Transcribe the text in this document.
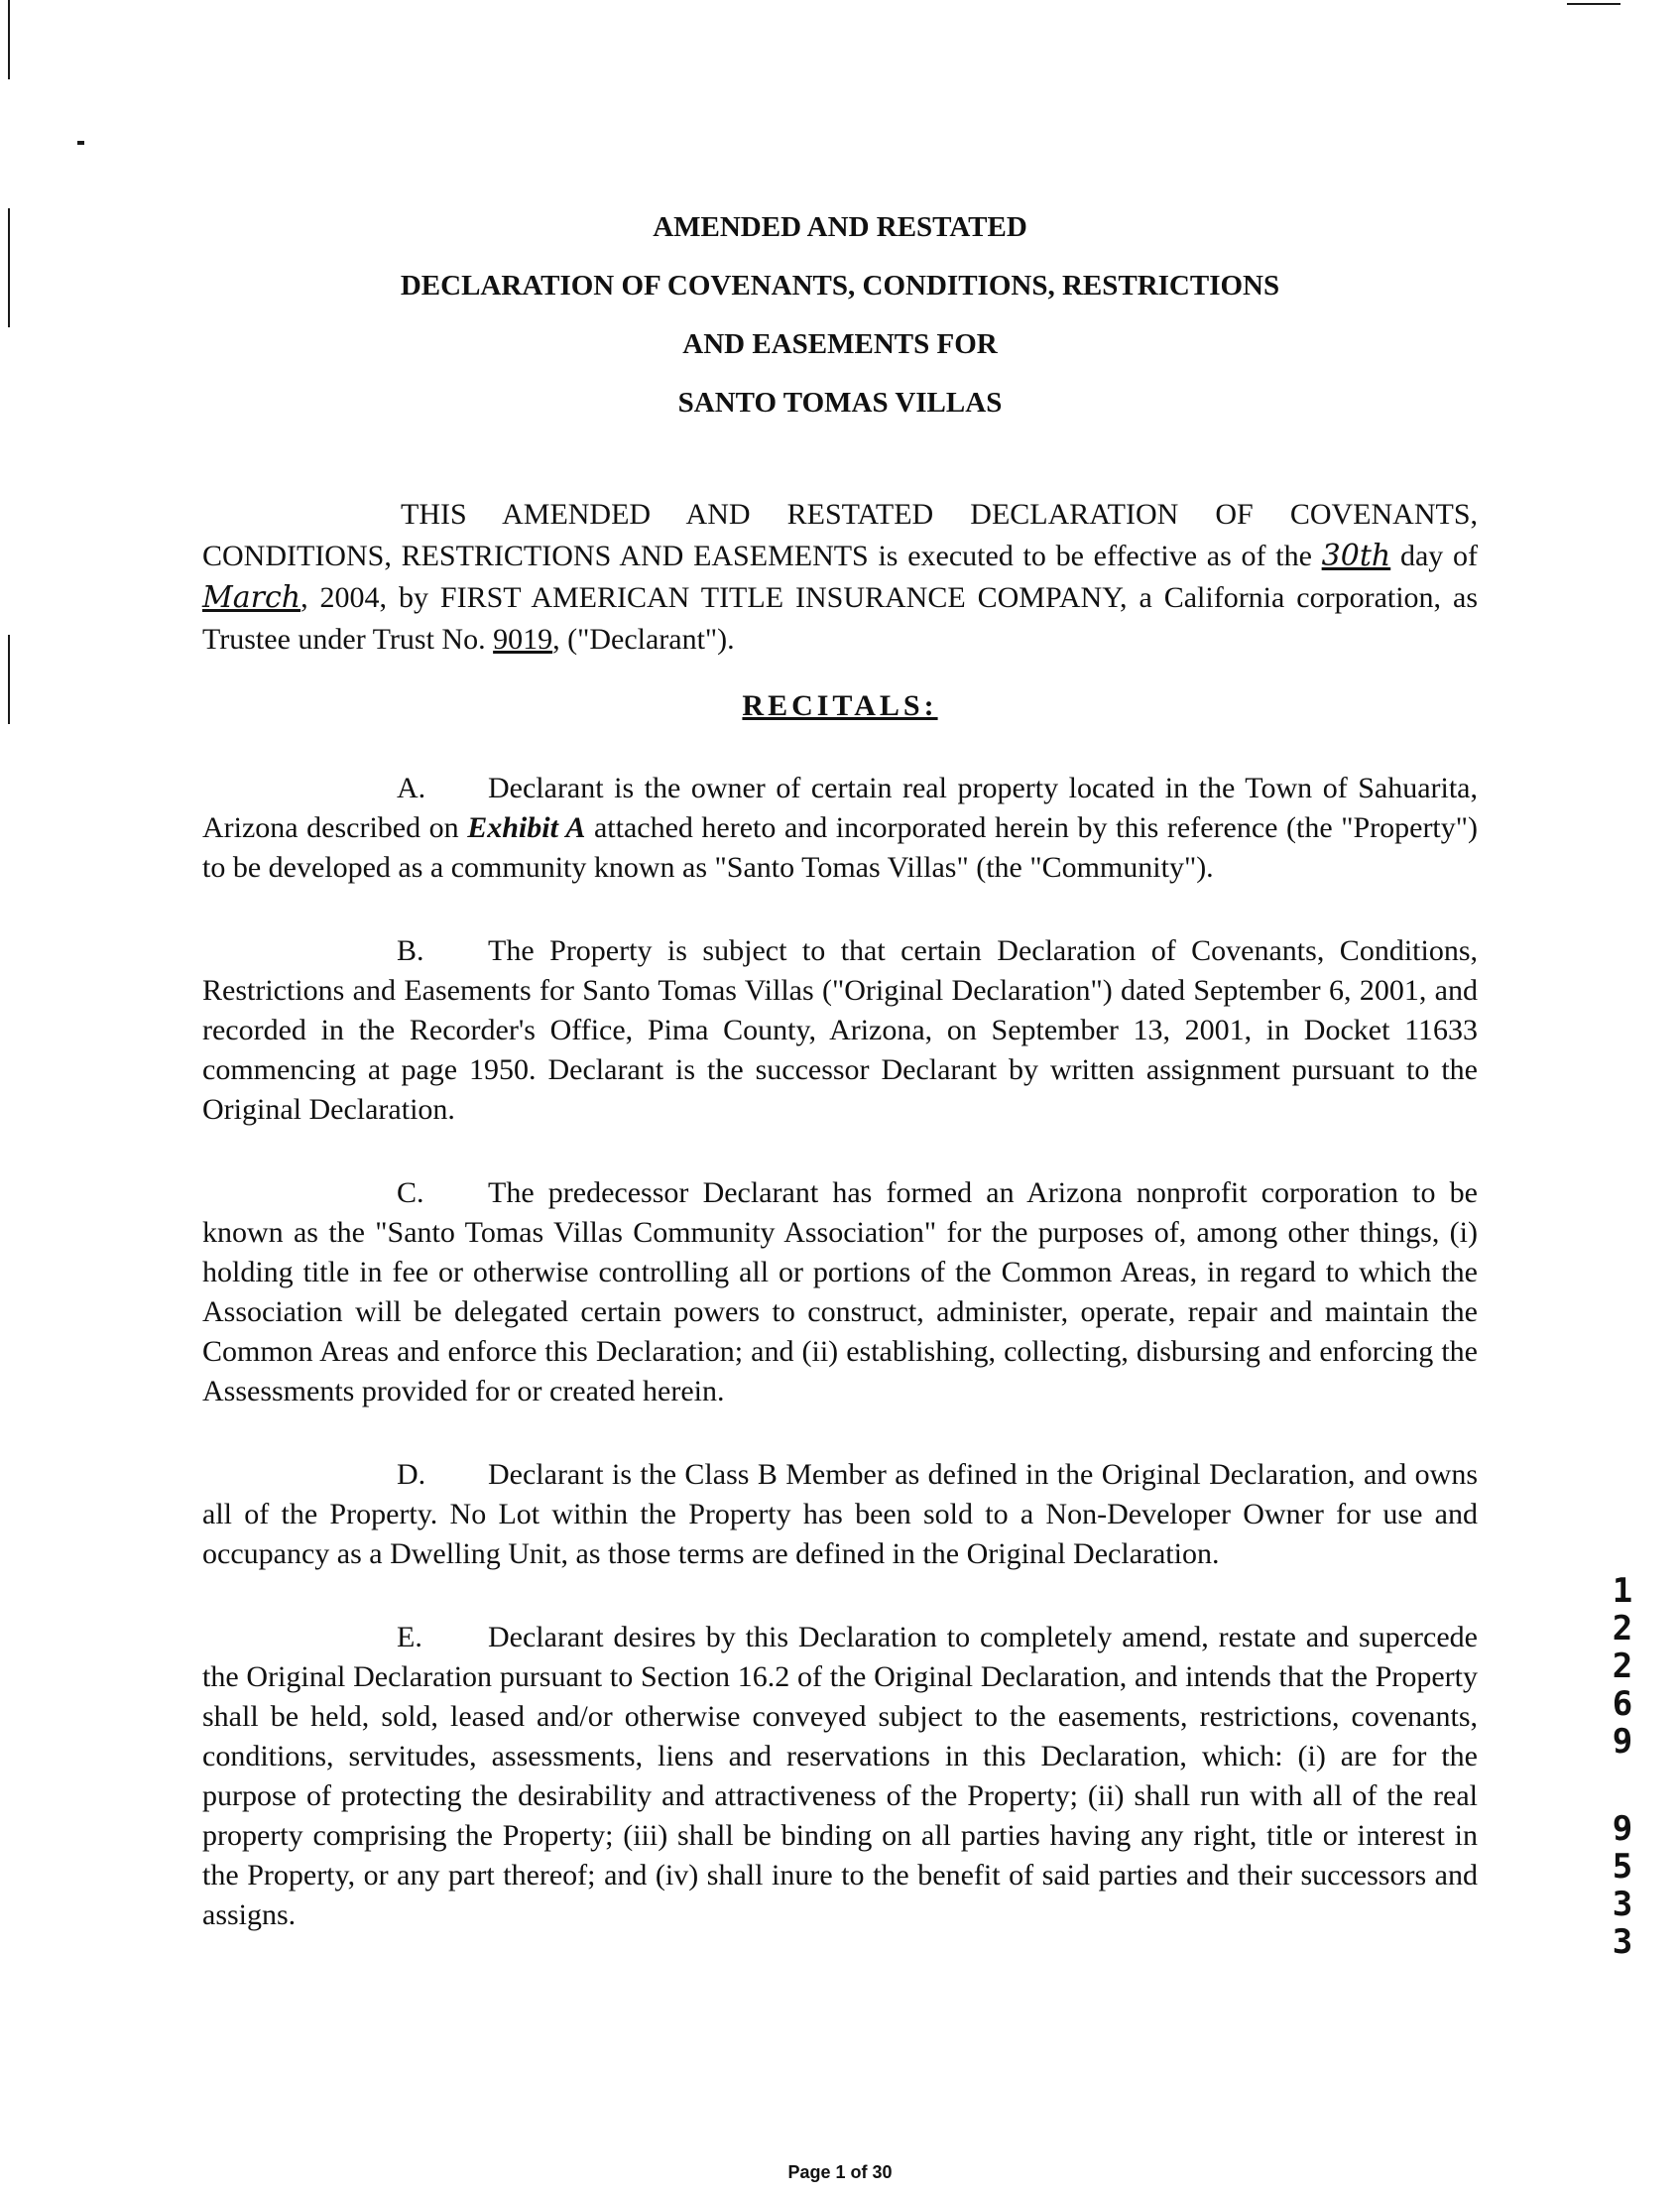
AMENDED AND RESTATED
DECLARATION OF COVENANTS, CONDITIONS, RESTRICTIONS
AND EASEMENTS FOR
SANTO TOMAS VILLAS

THIS AMENDED AND RESTATED DECLARATION OF COVENANTS, CONDITIONS, RESTRICTIONS AND EASEMENTS is executed to be effective as of the 30th day of March, 2004, by FIRST AMERICAN TITLE INSURANCE COMPANY, a California corporation, as Trustee under Trust No. 9019, ("Declarant").

RECITALS:

A. Declarant is the owner of certain real property located in the Town of Sahuarita, Arizona described on Exhibit A attached hereto and incorporated herein by this reference (the "Property") to be developed as a community known as "Santo Tomas Villas" (the "Community").

B. The Property is subject to that certain Declaration of Covenants, Conditions, Restrictions and Easements for Santo Tomas Villas ("Original Declaration") dated September 6, 2001, and recorded in the Recorder's Office, Pima County, Arizona, on September 13, 2001, in Docket 11633 commencing at page 1950. Declarant is the successor Declarant by written assignment pursuant to the Original Declaration.

C. The predecessor Declarant has formed an Arizona nonprofit corporation to be known as the "Santo Tomas Villas Community Association" for the purposes of, among other things, (i) holding title in fee or otherwise controlling all or portions of the Common Areas, in regard to which the Association will be delegated certain powers to construct, administer, operate, repair and maintain the Common Areas and enforce this Declaration; and (ii) establishing, collecting, disbursing and enforcing the Assessments provided for or created herein.

D. Declarant is the Class B Member as defined in the Original Declaration, and owns all of the Property. No Lot within the Property has been sold to a Non-Developer Owner for use and occupancy as a Dwelling Unit, as those terms are defined in the Original Declaration.

E. Declarant desires by this Declaration to completely amend, restate and supercede the Original Declaration pursuant to Section 16.2 of the Original Declaration, and intends that the Property shall be held, sold, leased and/or otherwise conveyed subject to the easements, restrictions, covenants, conditions, servitudes, assessments, liens and reservations in this Declaration, which: (i) are for the purpose of protecting the desirability and attractiveness of the Property; (ii) shall run with all of the real property comprising the Property; (iii) shall be binding on all parties having any right, title or interest in the Property, or any part thereof; and (iv) shall inure to the benefit of said parties and their successors and assigns.

1
2
2
6
9
9
5
3
3
Page 1 of 30
